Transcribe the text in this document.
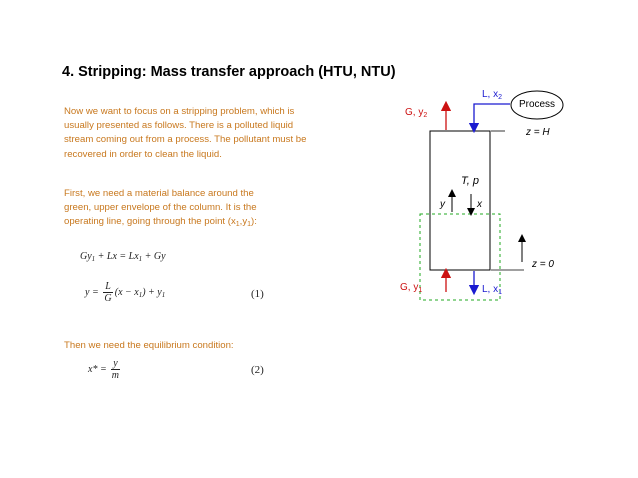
4. Stripping: Mass transfer approach (HTU, NTU)
Now we want to focus on a stripping problem, which is
usually presented as follows. There is a polluted liquid
stream coming out from a process. The pollutant must be
recovered in order to clean the liquid.
First, we need a material balance around the
green, upper envelope of the column. It is the
operating line, going through the point $(x_1,y_1)$:
$Gy_1 + Lx = Lx_1 + Gy$
$y = \frac{L}{G} (x - x_1) + y_1$	(1)
Then we need the equilibrium condition:
$x* = \frac{y}{m}$	(2)
Process
L, $x_2$
G, $y_2$
z = H
T, p
y	x
z = 0
G, $y_1$	L, $x_1$
